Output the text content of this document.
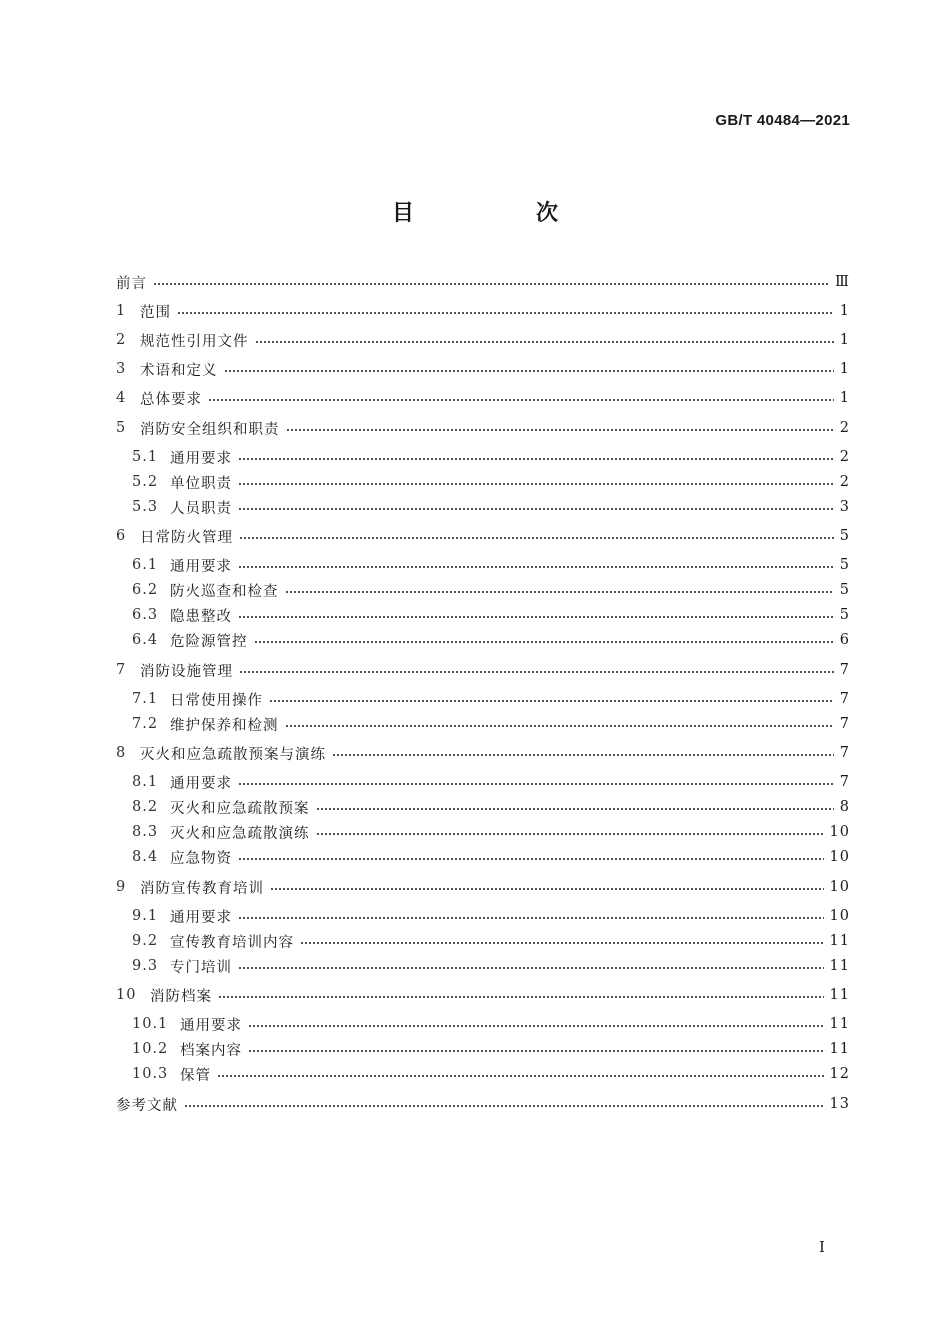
GB/T 40484—2021
目　次
前言	Ⅲ
1 范围	1
2 规范性引用文件	1
3 术语和定义	1
4 总体要求	1
5 消防安全组织和职责	2
5.1 通用要求	2
5.2 单位职责	2
5.3 人员职责	3
6 日常防火管理	5
6.1 通用要求	5
6.2 防火巡查和检查	5
6.3 隐患整改	5
6.4 危险源管控	6
7 消防设施管理	7
7.1 日常使用操作	7
7.2 维护保养和检测	7
8 灭火和应急疏散预案与演练	7
8.1 通用要求	7
8.2 灭火和应急疏散预案	8
8.3 灭火和应急疏散演练	10
8.4 应急物资	10
9 消防宣传教育培训	10
9.1 通用要求	10
9.2 宣传教育培训内容	11
9.3 专门培训	11
10 消防档案	11
10.1 通用要求	11
10.2 档案内容	11
10.3 保管	12
参考文献	13
Ⅰ
